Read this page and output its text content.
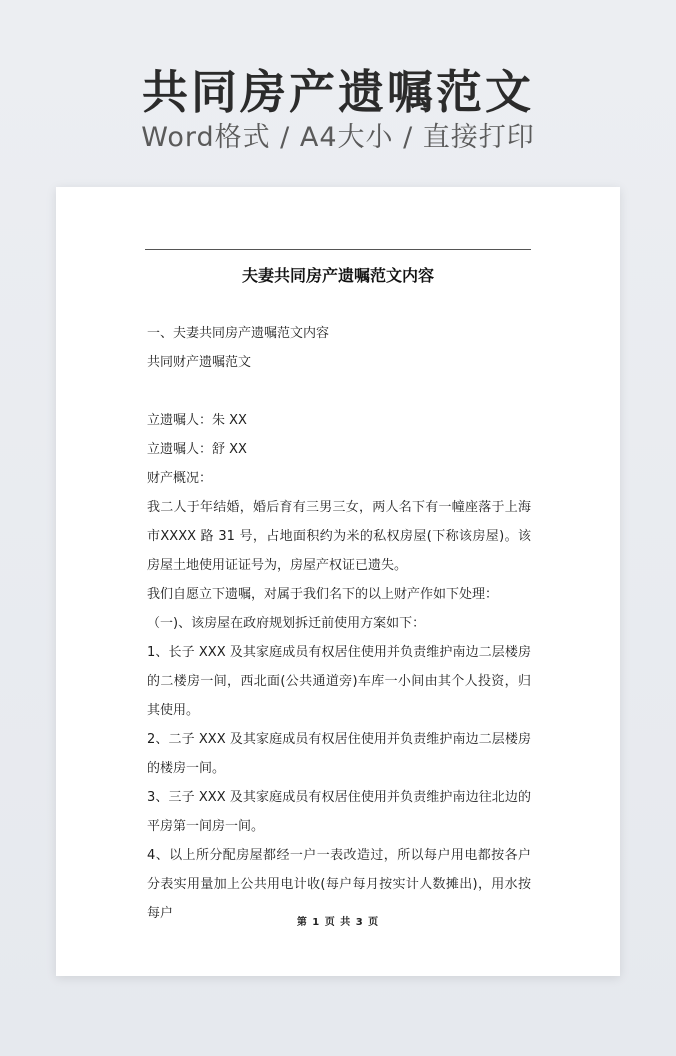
共同房产遗嘱范文
Word格式 / A4大小 / 直接打印
夫妻共同房产遗嘱范文内容

一、夫妻共同房产遗嘱范文内容

共同财产遗嘱范文

立遗嘱人：朱 XX

立遗嘱人：舒 XX

财产概况：

我二人于年结婚，婚后育有三男三女，两人名下有一幢座落于上海市XXXX 路 31 号，占地面积约为米的私权房屋(下称该房屋)。该房屋土地使用证证号为，房屋产权证已遗失。

我们自愿立下遗嘱，对属于我们名下的以上财产作如下处理：

（一)、该房屋在政府规划拆迁前使用方案如下：

1、长子 XXX 及其家庭成员有权居住使用并负责维护南边二层楼房的二楼房一间，西北面(公共通道旁)车库一小间由其个人投资，归其使用。

2、二子 XXX 及其家庭成员有权居住使用并负责维护南边二层楼房的楼房一间。

3、三子 XXX 及其家庭成员有权居住使用并负责维护南边往北边的平房第一间房一间。

4、以上所分配房屋都经一户一表改造过，所以每户用电都按各户分表实用量加上公共用电计收(每户每月按实计人数摊出)，用水按每户

第 1 页 共 3 页
